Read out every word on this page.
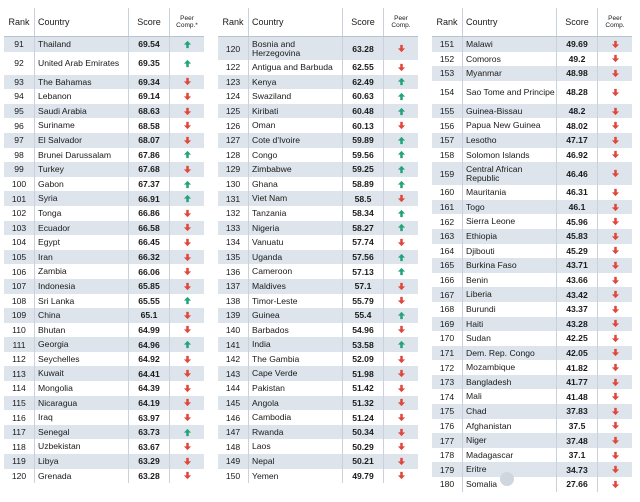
Rank Country	Score	Peer Comp.*
91	Thailand	69.54
92	United Arab Emirates	69.35
93	The Bahamas	69.34
94	Lebanon	69.14
95	Saudi Arabia	68.63
96	Suriname	68.58
97	El Salvador	68.07
98	Brunei Darussalam	67.86
99	Turkey	67.68
100	Gabon	67.37
101	Syria	66.91
102	Tonga	66.86
103	Ecuador	66.58
104	Egypt	66.45
105	Iran	66.32
106	Zambia	66.06
107	Indonesia	65.85
108	Sri Lanka	65.55
109	China	65.1
110	Bhutan	64.99
111	Georgia	64.96
112	Seychelles	64.92
113	Kuwait	64.41
114	Mongolia	64.39
115	Nicaragua	64.19
116	Iraq	63.97
117	Senegal	63.73
118	Uzbekistan	63.67
119	Libya	63.29
120	Grenada	63.28
Rank Country	Score	Peer Comp.
120	Bosnia and Herzegovina	63.28
122	Antigua and Barbuda	62.55
123	Kenya	62.49
124	Swaziland	60.63
125	Kiribati	60.48
126	Oman	60.13
127	Cote d'Ivoire	59.89
128	Congo	59.56
129	Zimbabwe	59.25
130	Ghana	58.89
131	Viet Nam	58.5
132	Tanzania	58.34
133	Nigeria	58.27
134	Vanuatu	57.74
135	Uganda	57.56
136	Cameroon	57.13
137	Maldives	57.1
138	Timor-Leste	55.79
139	Guinea	55.4
140	Barbados	54.96
141	India	53.58
142	The Gambia	52.09
143	Cape Verde	51.98
144	Pakistan	51.42
145	Angola	51.32
146	Cambodia	51.24
147	Rwanda	50.34
148	Laos	50.29
149	Nepal	50.21
150	Yemen	49.79
Rank Country	Score	Peer Comp.
151	Malawi	49.69
152	Comoros	49.2
153	Myanmar	48.98
154	Sao Tome and Principe	48.28
155	Guinea-Bissau	48.2
156	Papua New Guinea	48.02
157	Lesotho	47.17
158	Solomon Islands	46.92
159	Central African Republic	46.46
160	Mauritania	46.31
161	Togo	46.1
162	Sierra Leone	45.96
163	Ethiopia	45.83
164	Djibouti	45.29
165	Burkina Faso	43.71
166	Benin	43.66
167	Liberia	43.42
168	Burundi	43.37
169	Haiti	43.28
170	Sudan	42.25
171	Dem. Rep. Congo	42.05
172	Mozambique	41.82
173	Bangladesh	41.77
174	Mali	41.48
175	Chad	37.83
176	Afghanistan	37.5
177	Niger	37.48
178	Madagascar	37.1
179	Eritre	34.73
180	Somalia	27.66
